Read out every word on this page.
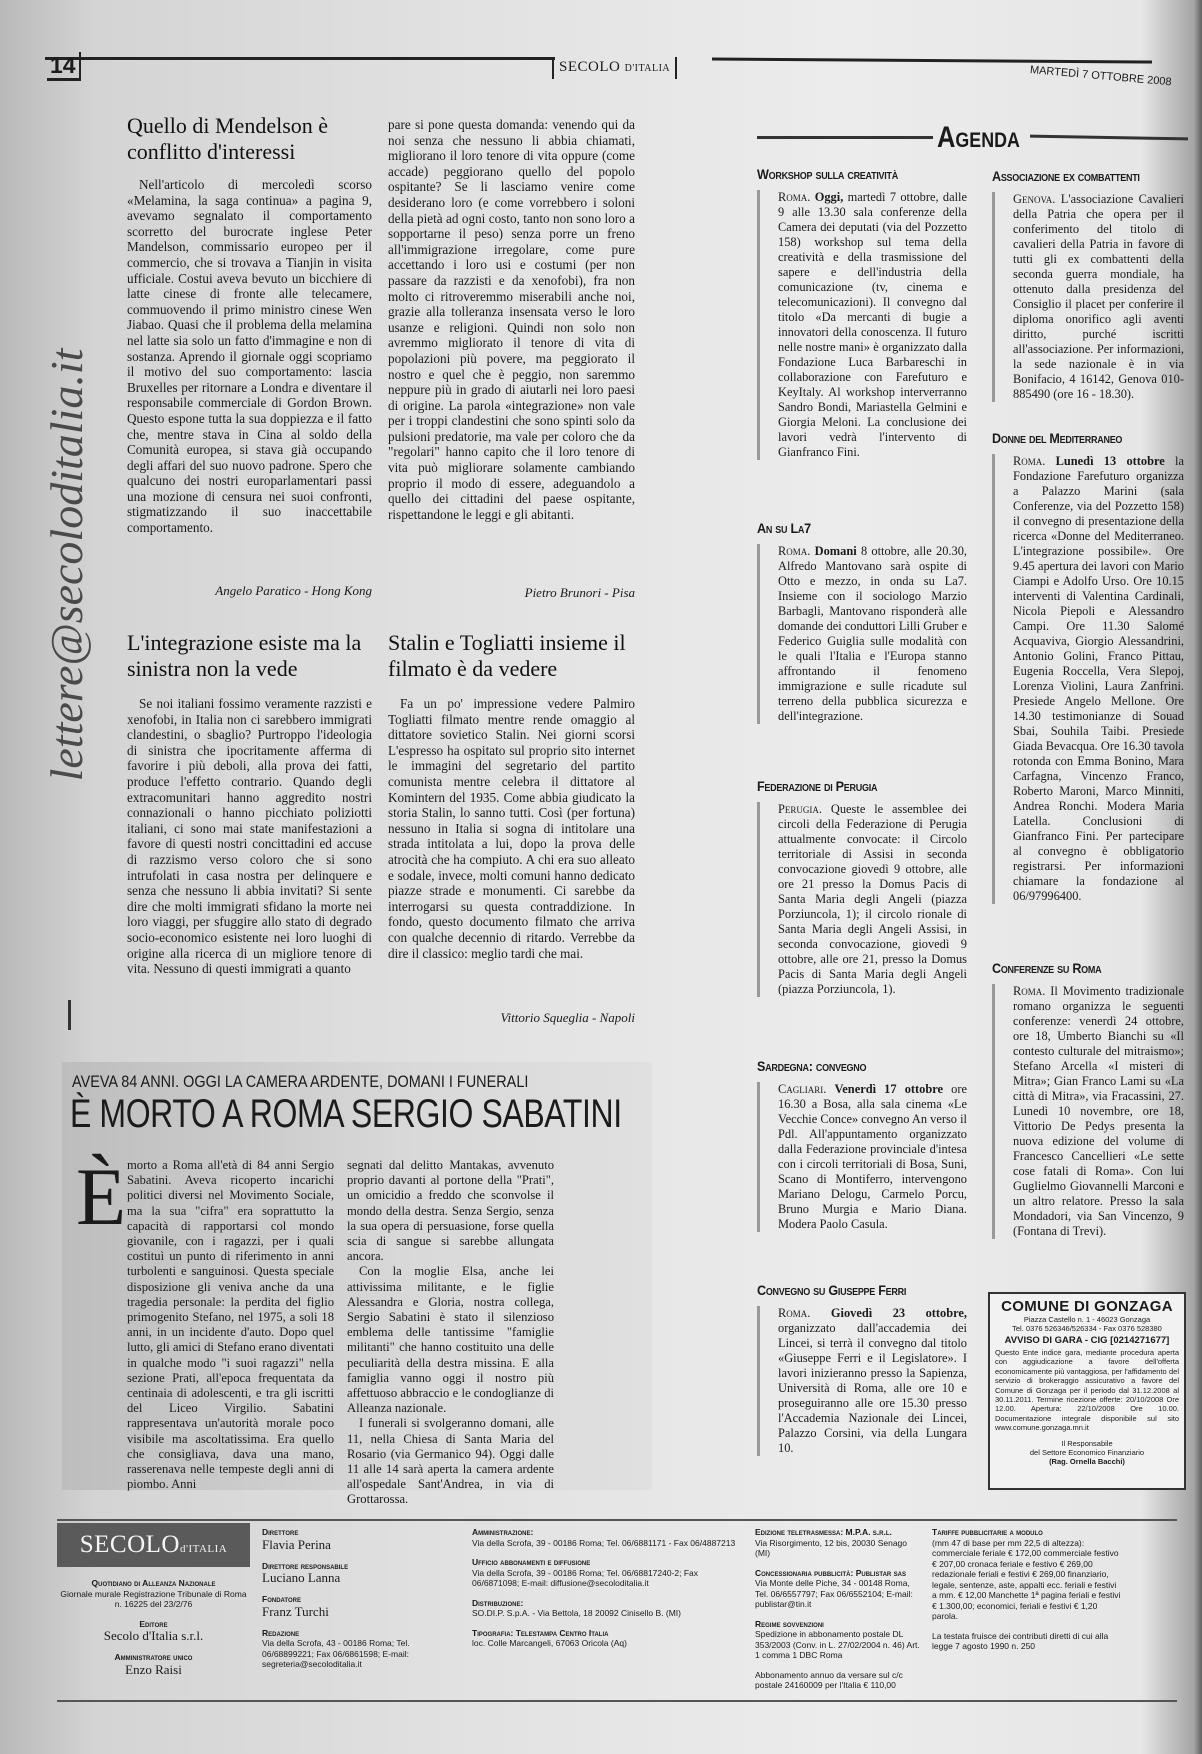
14	SECOLO D'ITALIA	MARTEDÌ 7 OTTOBRE 2008
lettere@secoloditalia.it
Quello di Mendelson è conflitto d'interessi

Nell'articolo di mercoledì scorso «Melamina, la saga continua» a pagina 9, avevamo segnalato il comportamento scorretto del burocrate inglese Peter Mandelson, commissario europeo per il commercio, che si trovava a Tianjin in visita ufficiale. Costui aveva bevuto un bicchiere di latte cinese di fronte alle telecamere, commuovendo il primo ministro cinese Wen Jiabao. Quasi che il problema della melamina nel latte sia solo un fatto d'immagine e non di sostanza. Aprendo il giornale oggi scopriamo il motivo del suo comportamento: lascia Bruxelles per ritornare a Londra e diventare il responsabile commerciale di Gordon Brown. Questo espone tutta la sua doppiezza e il fatto che, mentre stava in Cina al soldo della Comunità europea, si stava già occupando degli affari del suo nuovo padrone. Spero che qualcuno dei nostri europarlamentari passi una mozione di censura nei suoi confronti, stigmatizzando il suo inaccettabile comportamento.

Angelo Paratico - Hong Kong

pare si pone questa domanda: venendo qui da noi senza che nessuno li abbia chiamati, migliorano il loro tenore di vita oppure (come accade) peggiorano quello del popolo ospitante? Se li lasciamo venire come desiderano loro (e come vorrebbero i soloni della pietà ad ogni costo, tanto non sono loro a sopportarne il peso) senza porre un freno all'immigrazione irregolare, come pure accettando i loro usi e costumi (per non passare da razzisti e da xenofobi), fra non molto ci ritroveremmo miserabili anche noi, grazie alla tolleranza insensata verso le loro usanze e religioni. Quindi non solo non avremmo migliorato il tenore di vita di popolazioni più povere, ma peggiorato il nostro e quel che è peggio, non saremmo neppure più in grado di aiutarli nei loro paesi di origine. La parola «integrazione» non vale per i troppi clandestini che sono spinti solo da pulsioni predatorie, ma vale per coloro che da "regolari" hanno capito che il loro tenore di vita può migliorare solamente cambiando proprio il modo di essere, adeguandolo a quello dei cittadini del paese ospitante, rispettandone le leggi e gli abitanti.

Pietro Brunori - Pisa
L'integrazione esiste ma la sinistra non la vede

Se noi italiani fossimo veramente razzisti e xenofobi, in Italia non ci sarebbero immigrati clandestini, o sbaglio? Purtroppo l'ideologia di sinistra che ipocritamente afferma di favorire i più deboli, alla prova dei fatti, produce l'effetto contrario. Quando degli extracomunitari hanno aggredito nostri connazionali o hanno picchiato poliziotti italiani, ci sono mai state manifestazioni a favore di questi nostri concittadini ed accuse di razzismo verso coloro che si sono intrufolati in casa nostra per delinquere e senza che nessuno li abbia invitati? Si sente dire che molti immigrati sfidano la morte nei loro viaggi, per sfuggire allo stato di degrado socio-economico esistente nei loro luoghi di origine alla ricerca di un migliore tenore di vita. Nessuno di questi immigrati a quanto

Stalin e Togliatti insieme il filmato è da vedere

Fa un po' impressione vedere Palmiro Togliatti filmato mentre rende omaggio al dittatore sovietico Stalin. Nei giorni scorsi L'espresso ha ospitato sul proprio sito internet le immagini del segretario del partito comunista mentre celebra il dittatore al Komintern del 1935. Come abbia giudicato la storia Stalin, lo sanno tutti. Così (per fortuna) nessuno in Italia si sogna di intitolare una strada intitolata a lui, dopo la prova delle atrocità che ha compiuto. A chi era suo alleato e sodale, invece, molti comuni hanno dedicato piazze strade e monumenti. Ci sarebbe da interrogarsi su questa contraddizione. In fondo, questo documento filmato che arriva con qualche decennio di ritardo. Verrebbe da dire il classico: meglio tardi che mai.

Vittorio Squeglia - Napoli
AVEVA 84 ANNI. OGGI LA CAMERA ARDENTE, DOMANI I FUNERALI
È MORTO A ROMA SERGIO SABATINI
È morto a Roma all'età di 84 anni Sergio Sabatini. Aveva ricoperto incarichi politici diversi nel Movimento Sociale, ma la sua "cifra" era soprattutto la capacità di rapportarsi col mondo giovanile, con i ragazzi, per i quali costituì un punto di riferimento in anni turbolenti e sanguinosi. Questa speciale disposizione gli veniva anche da una tragedia personale: la perdita del figlio primogenito Stefano, nel 1975, a soli 18 anni, in un incidente d'auto. Dopo quel lutto, gli amici di Stefano erano diventati in qualche modo "i suoi ragazzi" nella sezione Prati, all'epoca frequentata da centinaia di adolescenti, e tra gli iscritti del Liceo Virgilio. Sabatini rappresentava un'autorità morale poco visibile ma ascoltatissima. Era quello che consigliava, dava una mano, rasserenava nelle tempeste degli anni di piombo. Anni

segnati dal delitto Mantakas, avvenuto proprio davanti al portone della "Prati", un omicidio a freddo che sconvolse il mondo della destra. Senza Sergio, senza la sua opera di persuasione, forse quella scia di sangue si sarebbe allungata ancora.

Con la moglie Elsa, anche lei attivissima militante, e le figlie Alessandra e Gloria, nostra collega, Sergio Sabatini è stato il silenzioso emblema delle tantissime "famiglie militanti" che hanno costituito una delle peculiarità della destra missina. E alla famiglia vanno oggi il nostro più affettuoso abbraccio e le condoglianze di Alleanza nazionale.

I funerali si svolgeranno domani, alle 11, nella Chiesa di Santa Maria del Rosario (via Germanico 94). Oggi dalle 11 alle 14 sarà aperta la camera ardente all'ospedale Sant'Andrea, in via di Grottarossa.

Agenda
Workshop sulla creatività
Roma. Oggi, martedì 7 ottobre, dalle 9 alle 13.30 sala conferenze della Camera dei deputati (via del Pozzetto 158) workshop sul tema della creatività e della trasmissione del sapere e dell'industria della comunicazione (tv, cinema e telecomunicazioni). Il convegno dal titolo «Da mercanti di bugie a innovatori della conoscenza. Il futuro nelle nostre mani» è organizzato dalla Fondazione Luca Barbareschi in collaborazione con Farefuturo e KeyItaly. Al workshop interverranno Sandro Bondi, Mariastella Gelmini e Giorgia Meloni. La conclusione dei lavori vedrà l'intervento di Gianfranco Fini.
An su La7
Roma. Domani 8 ottobre, alle 20.30, Alfredo Mantovano sarà ospite di Otto e mezzo, in onda su La7. Insieme con il sociologo Marzio Barbagli, Mantovano risponderà alle domande dei conduttori Lilli Gruber e Federico Guiglia sulle modalità con le quali l'Italia e l'Europa stanno affrontando il fenomeno immigrazione e sulle ricadute sul terreno della pubblica sicurezza e dell'integrazione.
Federazione di Perugia
Perugia. Queste le assemblee dei circoli della Federazione di Perugia attualmente convocate: il Circolo territoriale di Assisi in seconda convocazione giovedì 9 ottobre, alle ore 21 presso la Domus Pacis di Santa Maria degli Angeli (piazza Porziuncola, 1); il circolo rionale di Santa Maria degli Angeli Assisi, in seconda convocazione, giovedì 9 ottobre, alle ore 21, presso la Domus Pacis di Santa Maria degli Angeli (piazza Porziuncola, 1).
Sardegna: convegno
Cagliari. Venerdì 17 ottobre ore 16.30 a Bosa, alla sala cinema «Le Vecchie Conce» convegno An verso il Pdl. All'appuntamento organizzato dalla Federazione provinciale d'intesa con i circoli territoriali di Bosa, Suni, Scano di Montiferro, intervengono Mariano Delogu, Carmelo Porcu, Bruno Murgia e Mario Diana. Modera Paolo Casula.
Convegno su Giuseppe Ferri
Roma. Giovedì 23 ottobre, organizzato dall'accademia dei Lincei, si terrà il convegno dal titolo «Giuseppe Ferri e il Legislatore». I lavori inizieranno presso la Sapienza, Università di Roma, alle ore 10 e proseguiranno alle ore 15.30 presso l'Accademia Nazionale dei Lincei, Palazzo Corsini, via della Lungara 10.
Associazione ex combattenti
Genova. L'associazione Cavalieri della Patria che opera per il conferimento del titolo di cavalieri della Patria in favore di tutti gli ex combattenti della seconda guerra mondiale, ha ottenuto dalla presidenza del Consiglio il placet per conferire il diploma onorifico agli aventi diritto, purché iscritti all'associazione. Per informazioni, la sede nazionale è in via Bonifacio, 4 16142, Genova 010-885490 (ore 16 - 18.30).
Donne del Mediterraneo
Roma. Lunedì 13 ottobre la Fondazione Farefuturo organizza a Palazzo Marini (sala Conferenze, via del Pozzetto 158) il convegno di presentazione della ricerca «Donne del Mediterraneo. L'integrazione possibile». Ore 9.45 apertura dei lavori con Mario Ciampi e Adolfo Urso. Ore 10.15 interventi di Valentina Cardinali, Nicola Piepoli e Alessandro Campi. Ore 11.30 Salomé Acquaviva, Giorgio Alessandrini, Antonio Golini, Franco Pittau, Eugenia Roccella, Vera Slepoj, Lorenza Violini, Laura Zanfrini. Presiede Angelo Mellone. Ore 14.30 testimonianze di Souad Sbai, Souhila Taibi. Presiede Giada Bevacqua. Ore 16.30 tavola rotonda con Emma Bonino, Mara Carfagna, Vincenzo Franco, Roberto Maroni, Marco Minniti, Andrea Ronchi. Modera Maria Latella. Conclusioni di Gianfranco Fini. Per partecipare al convegno è obbligatorio registrarsi. Per informazioni chiamare la fondazione al 06/97996400.
Conferenze su Roma
Roma. Il Movimento tradizionale romano organizza le seguenti conferenze: venerdì 24 ottobre, ore 18, Umberto Bianchi su «Il contesto culturale del mitraismo»; Stefano Arcella «I misteri di Mitra»; Gian Franco Lami su «La città di Mitra», via Fracassini, 27. Lunedì 10 novembre, ore 18, Vittorio De Pedys presenta la nuova edizione del volume di Francesco Cancellieri «Le sette cose fatali di Roma». Con lui Guglielmo Giovannelli Marconi e un altro relatore. Presso la sala Mondadori, via San Vincenzo, 9 (Fontana di Trevi).
COMUNE DI GONZAGA
Piazza Castello n. 1 - 46023 Gonzaga
Tel. 0376 526346/526334 - Fax 0376 528380
AVVISO DI GARA - CIG [0214271677]
Questo Ente indice gara, mediante procedura aperta con aggiudicazione a favore dell'offerta economicamente più vantaggiosa, per l'affidamento del servizio di brokeraggio assicurativo a favore del Comune di Gonzaga per il periodo dal 31.12.2008 al 30.11.2011. Termine ricezione offerte: 20/10/2008 Ore 12.00. Apertura: 22/10/2008 Ore 10.00. Documentazione integrale disponibile sul sito www.comune.gonzaga.mn.it
Il Responsabile
del Settore Economico Finanziario
(Rag. Ornella Bacchi)
SECOLOd'ITALIA
Quotidiano di Alleanza Nazionale
Giornale murale Registrazione Tribunale di Roma n. 16225 del 23/2/76
Editore
Secolo d'Italia s.r.l.
Amministratore unico
Enzo Raisi
Direttore
Flavia Perina
Direttore responsabile
Luciano Lanna
Fondatore
Franz Turchi
Redazione
Via della Scrofa, 43 - 00186 Roma; Tel. 06/68899221; Fax 06/6861598; E-mail: segreteria@secoloditalia.it
Amministrazione:
Via della Scrofa, 39 - 00186 Roma; Tel. 06/6881171 - Fax 06/4887213
Ufficio abbonamenti e diffusione
Via della Scrofa, 39 - 00186 Roma; Tel. 06/68817240-2; Fax 06/6871098; E-mail: diffusione@secoloditalia.it
Distribuzione:
SO.DI.P. S.p.A. - Via Bettola, 18 20092 Cinisello B. (MI)
Tipografia: Telestampa Centro Italia
loc. Colle Marcangeli, 67063 Oricola (Aq)
Edizione teletrasmessa: M.P.A. s.r.l.
Via Risorgimento, 12 bis, 20030 Senago (MI)
Concessionaria pubblicità: Publistar sas
Via Monte delle Piche, 34 - 00148 Roma, Tel. 06/6557797; Fax 06/6552104; E-mail: publistar@tin.it
Regime sovvenzioni
Spedizione in abbonamento postale DL 353/2003 (Conv. in L. 27/02/2004 n. 46) Art. 1 comma 1 DBC Roma
Abbonamento annuo da versare sul c/c postale 24160009 per l'Italia € 110,00
Tariffe pubblicitarie a modulo
(mm 47 di base per mm 22,5 di altezza): commerciale feriale € 172,00 commerciale festivo € 207,00 cronaca feriale e festivo € 269,00 redazionale feriali e festivi € 269,00 finanziario, legale, sentenze, aste, appalti ecc. feriali e festivi a mm. € 12,00 Manchette 1ª pagina feriali e festivi € 1.300,00; economici, feriali e festivi € 1,20 parola.
La testata fruisce dei contributi diretti di cui alla legge 7 agosto 1990 n. 250
